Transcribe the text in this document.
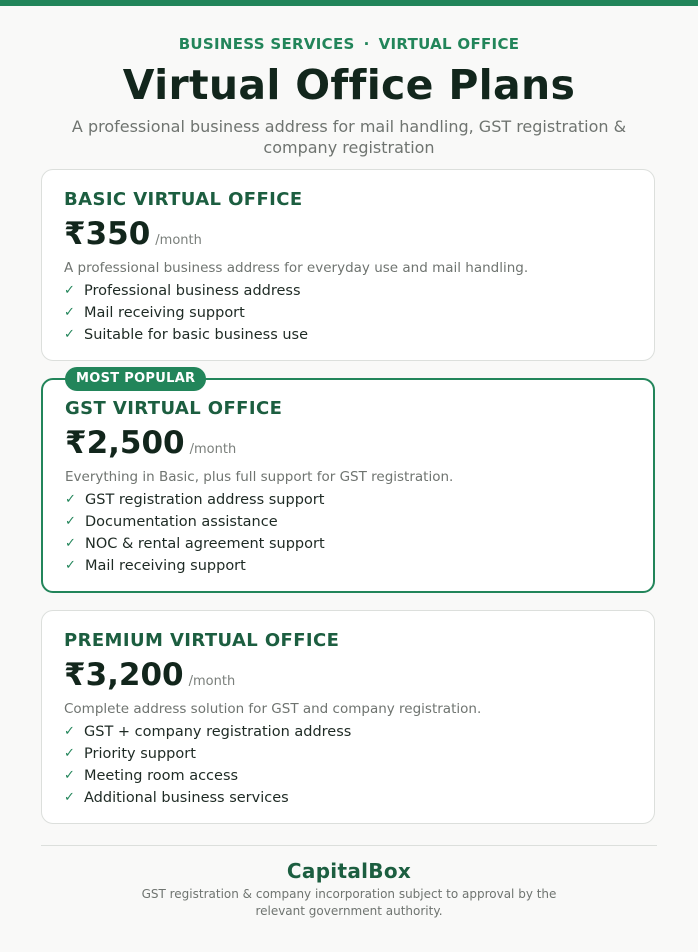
BUSINESS SERVICES · VIRTUAL OFFICE
Virtual Office Plans
A professional business address for mail handling, GST registration & company registration
BASIC VIRTUAL OFFICE
₹350 /month
A professional business address for everyday use and mail handling.
✓ Professional business address
✓ Mail receiving support
✓ Suitable for basic business use
MOST POPULAR
GST VIRTUAL OFFICE
₹2,500 /month
Everything in Basic, plus full support for GST registration.
✓ GST registration address support
✓ Documentation assistance
✓ NOC & rental agreement support
✓ Mail receiving support
PREMIUM VIRTUAL OFFICE
₹3,200 /month
Complete address solution for GST and company registration.
✓ GST + company registration address
✓ Priority support
✓ Meeting room access
✓ Additional business services
CapitalBox
GST registration & company incorporation subject to approval by the relevant government authority.
